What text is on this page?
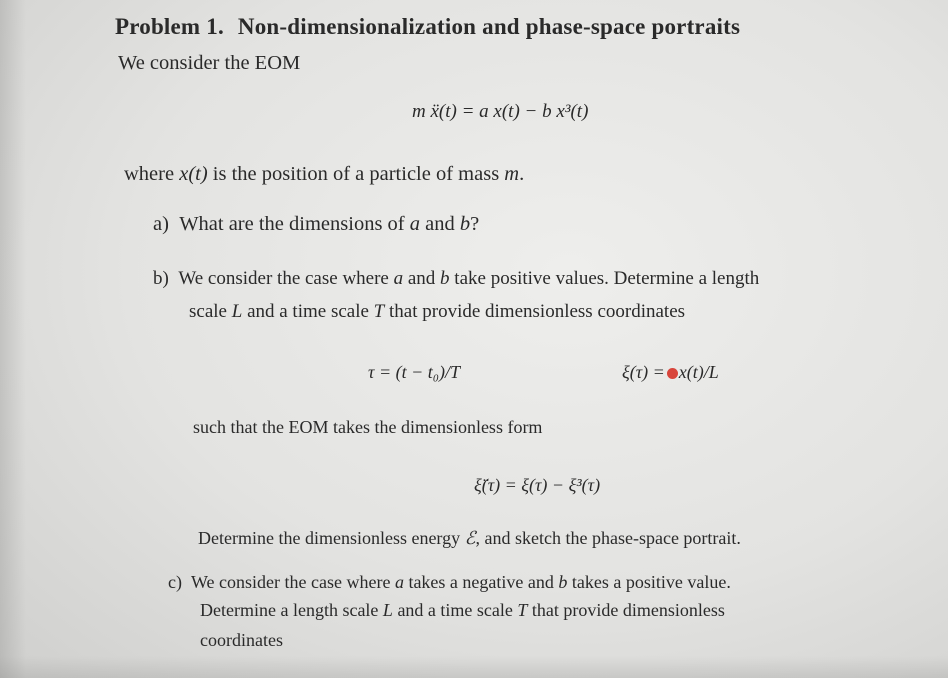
Problem 1. Non-dimensionalization and phase-space portraits
We consider the EOM
m ẍ(t) = a x(t) − b x³(t)
where x(t) is the position of a particle of mass m.
a) What are the dimensions of a and b?
b) We consider the case where a and b take positive values. Determine a length
scale L and a time scale T that provide dimensionless coordinates
τ = (t − t₀)/T	ξ(τ) = x(t)/L
such that the EOM takes the dimensionless form
ξ̈(τ) = ξ(τ) − ξ³(τ)
Determine the dimensionless energy ℰ, and sketch the phase-space portrait.
c) We consider the case where a takes a negative and b takes a positive value.
Determine a length scale L and a time scale T that provide dimensionless
coordinates
